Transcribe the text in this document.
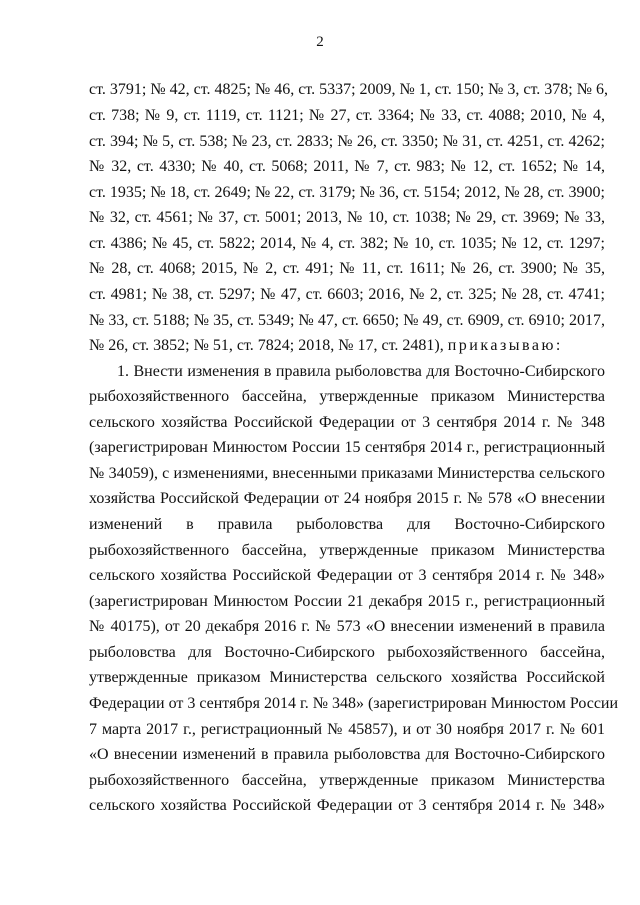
2
ст. 3791; № 42, ст. 4825; № 46, ст. 5337; 2009, № 1, ст. 150; № 3, ст. 378; № 6,
ст. 738; № 9, ст. 1119, ст. 1121; № 27, ст. 3364; № 33, ст. 4088; 2010, № 4,
ст. 394; № 5, ст. 538; № 23, ст. 2833; № 26, ст. 3350; № 31, ст. 4251, ст. 4262;
№ 32, ст. 4330; № 40, ст. 5068; 2011, № 7, ст. 983; № 12, ст. 1652; № 14,
ст. 1935; № 18, ст. 2649; № 22, ст. 3179; № 36, ст. 5154; 2012, № 28, ст. 3900;
№ 32, ст. 4561; № 37, ст. 5001; 2013, № 10, ст. 1038; № 29, ст. 3969; № 33,
ст. 4386; № 45, ст. 5822; 2014, № 4, ст. 382; № 10, ст. 1035; № 12, ст. 1297;
№ 28, ст. 4068; 2015, № 2, ст. 491; № 11, ст. 1611; № 26, ст. 3900; № 35,
ст. 4981; № 38, ст. 5297; № 47, ст. 6603; 2016, № 2, ст. 325; № 28, ст. 4741;
№ 33, ст. 5188; № 35, ст. 5349; № 47, ст. 6650; № 49, ст. 6909, ст. 6910; 2017,
№ 26, ст. 3852; № 51, ст. 7824; 2018, № 17, ст. 2481), приказываю:
1. Внести изменения в правила рыболовства для Восточно-Сибирского
рыбохозяйственного бассейна, утвержденные приказом Министерства
сельского хозяйства Российской Федерации от 3 сентября 2014 г. № 348
(зарегистрирован Минюстом России 15 сентября 2014 г., регистрационный
№ 34059), с изменениями, внесенными приказами Министерства сельского
хозяйства Российской Федерации от 24 ноября 2015 г. № 578 «О внесении
изменений в правила рыболовства для Восточно-Сибирского
рыбохозяйственного бассейна, утвержденные приказом Министерства
сельского хозяйства Российской Федерации от 3 сентября 2014 г. № 348»
(зарегистрирован Минюстом России 21 декабря 2015 г., регистрационный
№ 40175), от 20 декабря 2016 г. № 573 «О внесении изменений в правила
рыболовства для Восточно-Сибирского рыбохозяйственного бассейна,
утвержденные приказом Министерства сельского хозяйства Российской
Федерации от 3 сентября 2014 г. № 348» (зарегистрирован Минюстом России
7 марта 2017 г., регистрационный № 45857), и от 30 ноября 2017 г. № 601
«О внесении изменений в правила рыболовства для Восточно-Сибирского
рыбохозяйственного бассейна, утвержденные приказом Министерства
сельского хозяйства Российской Федерации от 3 сентября 2014 г. № 348»
